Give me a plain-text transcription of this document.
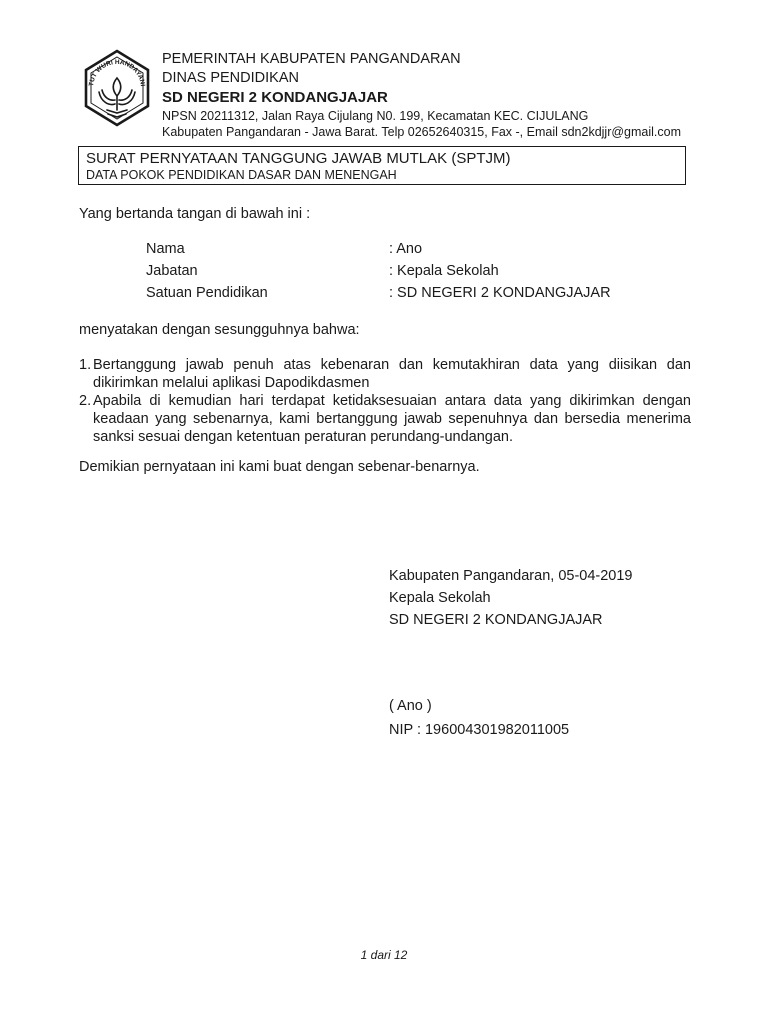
TUT WURI HANDAYANI
PEMERINTAH KABUPATEN PANGANDARAN
DINAS PENDIDIKAN
SD NEGERI 2 KONDANGJAJAR
NPSN 20211312, Jalan Raya Cijulang N0. 199, Kecamatan KEC. CIJULANG
Kabupaten Pangandaran - Jawa Barat. Telp 02652640315, Fax -, Email sdn2kdjjr@gmail.com
SURAT PERNYATAAN TANGGUNG JAWAB MUTLAK (SPTJM)
DATA POKOK PENDIDIKAN DASAR DAN MENENGAH
Yang bertanda tangan di bawah ini :
Nama	: Ano
Jabatan	: Kepala Sekolah
Satuan Pendidikan	: SD NEGERI 2 KONDANGJAJAR
menyatakan dengan sesungguhnya bahwa:
1. Bertanggung jawab penuh atas kebenaran dan kemutakhiran data yang diisikan dan dikirimkan melalui aplikasi Dapodikdasmen
2. Apabila di kemudian hari terdapat ketidaksesuaian antara data yang dikirimkan dengan keadaan yang sebenarnya, kami bertanggung jawab sepenuhnya dan bersedia menerima sanksi sesuai dengan ketentuan peraturan perundang-undangan.
Demikian pernyataan ini kami buat dengan sebenar-benarnya.
Kabupaten Pangandaran, 05-04-2019
Kepala Sekolah
SD NEGERI 2 KONDANGJAJAR
( Ano )
NIP : 196004301982011005
1 dari 12
